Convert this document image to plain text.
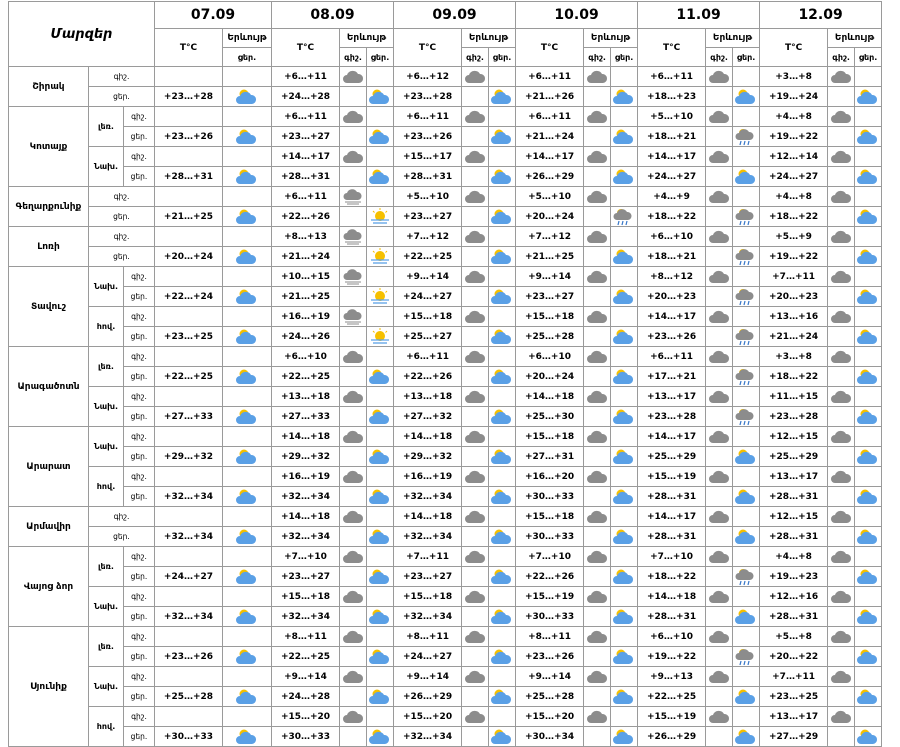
Մարզեր			07.09		08.09			09.09			10.09			11.09			12.09		
			T°C	Երևույթ	T°C	Երևույթ		T°C	Երևույթ		T°C	Երևույթ		T°C	Երևույթ		T°C	Երևույթ	
				ցեր.		գիշ.	ցեր.		գիշ.	ցեր.		գիշ.	ցեր.		գիշ.	ցեր.		գիշ.	ցեր.
Շիրակ	գիշ.				+6…+11			+6…+12			+6…+11			+6…+11			+3…+8	

	ցեր.		+23…+28		+24…+28			+23…+28			+21…+26			+18…+23			+19…+24		

Կոտայք	լեռ.	գիշ.			+6…+11			+6…+11			+6…+11			+5…+10			+4…+8	

		ցեր.	+23…+26		+23…+27			+23…+26			+21…+24			+18…+21			+19…+22		

	Նախ.	գիշ.			+14…+17			+15…+17			+14…+17			+14…+17			+12…+14	

		ցեր.	+28…+31		+28…+31			+28…+31			+26…+29			+24…+27			+24…+27		

Գեղարքունիք	գիշ.				+6…+11			+5…+10			+5…+10			+4…+9			+4…+8	

	ցեր.		+21…+25		+22…+26			+23…+27			+20…+24			+18…+22			+18…+22		

Լոռի	գիշ.				+8…+13			+7…+12			+7…+12			+6…+10			+5…+9	

	ցեր.		+20…+24		+21…+24			+22…+25			+21…+25			+18…+21			+19…+22		

Տավուշ	Նախ.	գիշ.			+10…+15			+9…+14			+9…+14			+8…+12			+7…+11	

		ցեր.	+22…+24		+21…+25			+24…+27			+23…+27			+20…+23			+20…+23		

	հով.	գիշ.			+16…+19			+15…+18			+15…+18			+14…+17			+13…+16	

		ցեր.	+23…+25		+24…+26			+25…+27			+25…+28			+23…+26			+21…+24		

Արագածոտն	լեռ.	գիշ.			+6…+10			+6…+11			+6…+10			+6…+11			+3…+8	

		ցեր.	+22…+25		+22…+25			+22…+26			+20…+24			+17…+21			+18…+22		

	Նախ.	գիշ.			+13…+18			+13…+18			+14…+18			+13…+17			+11…+15	

		ցեր.	+27…+33		+27…+33			+27…+32			+25…+30			+23…+28			+23…+28		

Արարատ	Նախ.	գիշ.			+14…+18			+14…+18			+15…+18			+14…+17			+12…+15	

		ցեր.	+29…+32		+29…+32			+29…+32			+27…+31			+25…+29			+25…+29		

	հով.	գիշ.			+16…+19			+16…+19			+16…+20			+15…+19			+13…+17	

		ցեր.	+32…+34		+32…+34			+32…+34			+30…+33			+28…+31			+28…+31		

Արմավիր	գիշ.				+14…+18			+14…+18			+15…+18			+14…+17			+12…+15	

	ցեր.		+32…+34		+32…+34			+32…+34			+30…+33			+28…+31			+28…+31		

Վայոց ձոր	լեռ.	գիշ.			+7…+10			+7…+11			+7…+10			+7…+10			+4…+8	

		ցեր.	+24…+27		+23…+27			+23…+27			+22…+26			+18…+22			+19…+23		

	Նախ.	գիշ.			+15…+18			+15…+18			+15…+19			+14…+18			+12…+16	

		ցեր.	+32…+34		+32…+34			+32…+34			+30…+33			+28…+31			+28…+31		

Սյունիք	լեռ.	գիշ.			+8…+11			+8…+11			+8…+11			+6…+10			+5…+8	

		ցեր.	+23…+26		+22…+25			+24…+27			+23…+26			+19…+22			+20…+22		

	Նախ.	գիշ.			+9…+14			+9…+14			+9…+14			+9…+13			+7…+11	

		ցեր.	+25…+28		+24…+28			+26…+29			+25…+28			+22…+25			+23…+25		

	հով.	գիշ.			+15…+20			+15…+20			+15…+20			+15…+19			+13…+17	

		ցեր.	+30…+33		+30…+33			+32…+34			+30…+34			+26…+29			+27…+29		
